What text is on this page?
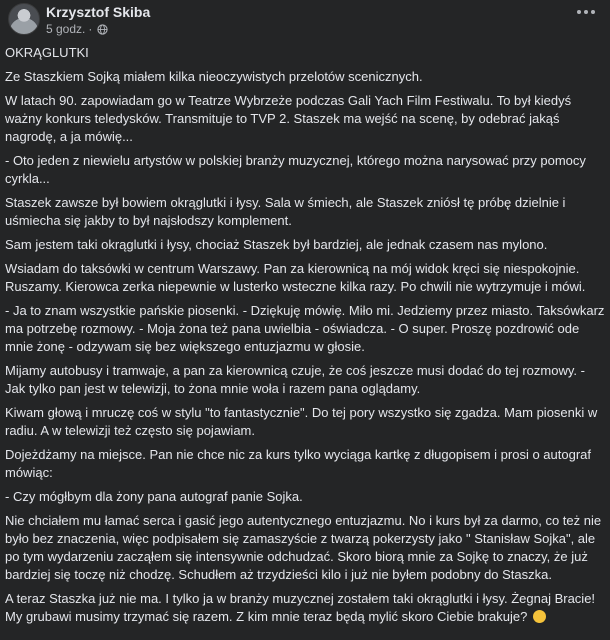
Krzysztof Skiba
5 godz. ·

OKRĄGLUTKI

Ze Staszkiem Sojką miałem kilka nieoczywistych przelotów scenicznych.

W latach 90. zapowiadam go w Teatrze Wybrzeże podczas Gali Yach Film Festiwalu. To był kiedyś ważny konkurs teledysków. Transmituje to TVP 2. Staszek ma wejść na scenę, by odebrać jakąś nagrodę, a ja mówię...

- Oto jeden z niewielu artystów w polskiej branży muzycznej, którego można narysować przy pomocy cyrkla...

Staszek zawsze był bowiem okrąglutki i łysy. Sala w śmiech, ale Staszek zniósł tę próbę dzielnie i uśmiecha się jakby to był najsłodszy komplement.

Sam jestem taki okrąglutki i łysy, chociaż Staszek był bardziej, ale jednak czasem nas mylono.

Wsiadam do taksówki w centrum Warszawy. Pan za kierownicą na mój widok kręci się niespokojnie. Ruszamy. Kierowca zerka niepewnie w lusterko wsteczne kilka razy. Po chwili nie wytrzymuje i mówi.

- Ja to znam wszystkie pańskie piosenki. - Dziękuję mówię. Miło mi. Jedziemy przez miasto. Taksówkarz ma potrzebę rozmowy. - Moja żona też pana uwielbia - oświadcza. - O super. Proszę pozdrowić ode mnie żonę - odzywam się bez większego entuzjazmu w głosie.

Mijamy autobusy i tramwaje, a pan za kierownicą czuje, że coś jeszcze musi dodać do tej rozmowy. - Jak tylko pan jest w telewizji, to żona mnie woła i razem pana oglądamy.

Kiwam głową i mruczę coś w stylu "to fantastycznie". Do tej pory wszystko się zgadza. Mam piosenki w radiu. A w telewizji też często się pojawiam.

Dojeżdżamy na miejsce. Pan nie chce nic za kurs tylko wyciąga kartkę z długopisem i prosi o autograf mówiąc:

- Czy mógłbym dla żony pana autograf panie Sojka.

Nie chciałem mu łamać serca i gasić jego autentycznego entuzjazmu. No i kurs był za darmo, co też nie było bez znaczenia, więc podpisałem się zamaszyście z twarzą pokerzysty jako " Stanisław Sojka", ale po tym wydarzeniu zacząłem się intensywnie odchudzać. Skoro biorą mnie za Sojkę to znaczy, że już bardziej się toczę niż chodzę. Schudłem aż trzydzieści kilo i już nie byłem podobny do Staszka.

A teraz Staszka już nie ma. I tylko ja w branży muzycznej zostałem taki okrąglutki i łysy. Żegnaj Bracie! My grubawi musimy trzymać się razem. Z kim mnie teraz będą mylić skoro Ciebie brakuje?
